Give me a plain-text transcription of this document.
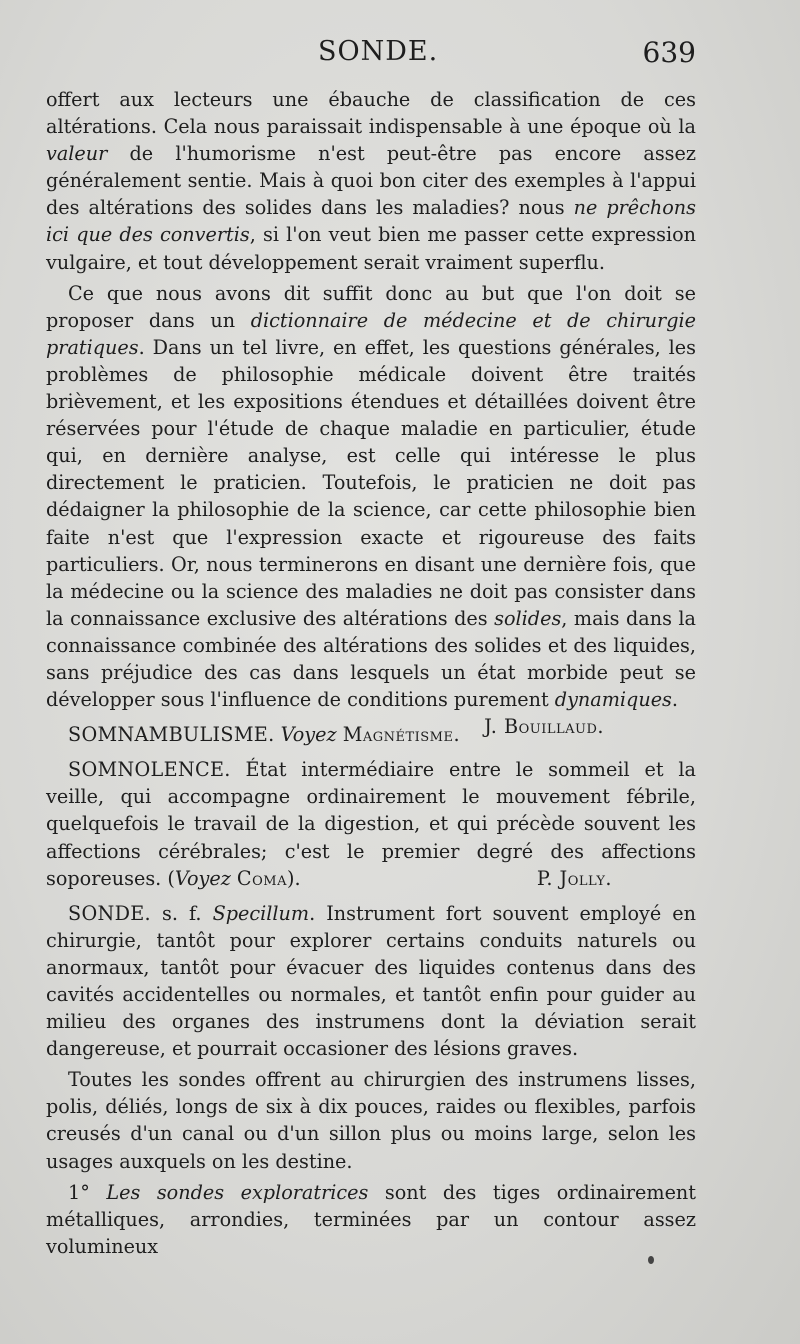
SONDE.	639

offert aux lecteurs une ébauche de classification de ces altérations. Cela nous paraissait indispensable à une époque où la valeur de l'humorisme n'est peut-être pas encore assez généralement sentie. Mais à quoi bon citer des exemples à l'appui des altérations des solides dans les maladies? nous ne prêchons ici que des convertis, si l'on veut bien me passer cette expression vulgaire, et tout développement serait vraiment superflu.

Ce que nous avons dit suffit donc au but que l'on doit se proposer dans un dictionnaire de médecine et de chirurgie pratiques. Dans un tel livre, en effet, les questions générales, les problèmes de philosophie médicale doivent être traités brièvement, et les expositions étendues et détaillées doivent être réservées pour l'étude de chaque maladie en particulier, étude qui, en dernière analyse, est celle qui intéresse le plus directement le praticien. Toutefois, le praticien ne doit pas dédaigner la philosophie de la science, car cette philosophie bien faite n'est que l'expression exacte et rigoureuse des faits particuliers. Or, nous terminerons en disant une dernière fois, que la médecine ou la science des maladies ne doit pas consister dans la connaissance exclusive des altérations des solides, mais dans la connaissance combinée des altérations des solides et des liquides, sans préjudice des cas dans lesquels un état morbide peut se développer sous l'influence de conditions purement dynamiques.
J. Bouillaud.

SOMNAMBULISME. Voyez Magnétisme.

SOMNOLENCE. État intermédiaire entre le sommeil et la veille, qui accompagne ordinairement le mouvement fébrile, quelquefois le travail de la digestion, et qui précède souvent les affections cérébrales; c'est le premier degré des affections soporeuses. (Voyez Coma).	P. Jolly.

SONDE. s. f. Specillum. Instrument fort souvent employé en chirurgie, tantôt pour explorer certains conduits naturels ou anormaux, tantôt pour évacuer des liquides contenus dans des cavités accidentelles ou normales, et tantôt enfin pour guider au milieu des organes des instrumens dont la déviation serait dangereuse, et pourrait occasioner des lésions graves.

Toutes les sondes offrent au chirurgien des instrumens lisses, polis, déliés, longs de six à dix pouces, raides ou flexibles, parfois creusés d'un canal ou d'un sillon plus ou moins large, selon les usages auxquels on les destine.

1° Les sondes exploratrices sont des tiges ordinairement métalliques, arrondies, terminées par un contour assez volumineux
